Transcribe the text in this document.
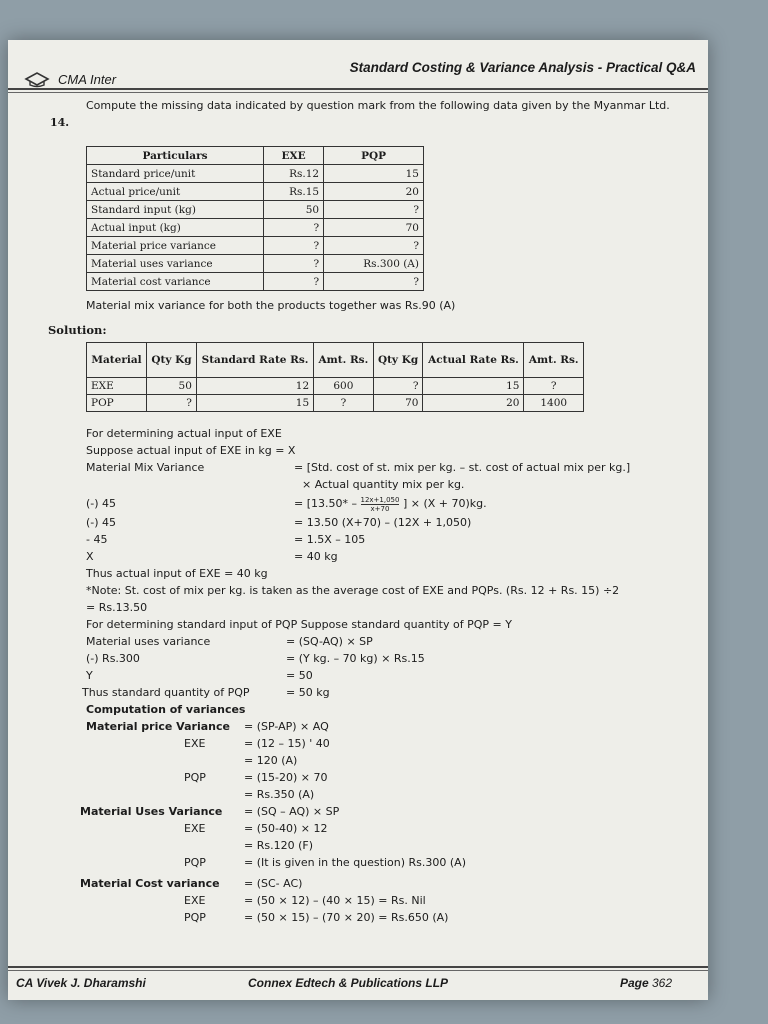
CMA Inter
Standard Costing & Variance Analysis - Practical Q&A
14.
Compute the missing data indicated by question mark from the following data given by the Myanmar Ltd.
Particulars	EXE	PQP
Standard price/unit	Rs.12	15
Actual price/unit	Rs.15	20
Standard input (kg)	50	?
Actual input (kg)	?	70
Material price variance	?	?
Material uses variance	?	Rs.300 (A)
Material cost variance	?	?
Material mix variance for both the products together was Rs.90 (A)
Solution:
Material	Qty Kg	Standard Rate Rs.	Amt. Rs.	Qty Kg	Actual Rate Rs.	Amt. Rs.
EXE	50	12	600	?	15	?
POP	?	15	?	70	20	1400
For determining actual input of EXE
Suppose actual input of EXE in kg = X
Material Mix Variance	= [Std. cost of st. mix per kg. – st. cost of actual mix per kg.]
× Actual quantity mix per kg.
(-) 45	= [$13.50* - \frac{12x+1,050}{x+70}$ ] × (X + 70)kg.
(-) 45	= 13.50 (X+70) – (12X + 1,050)
- 45	= 1.5X – 105
X	= 40 kg
Thus actual input of EXE = 40 kg
*Note: St. cost of mix per kg. is taken as the average cost of EXE and PQPs. (Rs. 12 + Rs. 15) ÷2
= Rs.13.50
For determining standard input of PQP Suppose standard quantity of PQP = Y
Material uses variance	= (SQ-AQ) × SP
(-) Rs.300	= (Y kg. – 70 kg) × Rs.15
Y	= 50
Thus standard quantity of PQP	= 50 kg
Computation of variances
Material price Variance = (SP-AP) × AQ
EXE	= (12 – 15) ' 40
= 120 (A)
PQP	= (15-20) × 70
= Rs.350 (A)
Material Uses Variance = (SQ – AQ) × SP
EXE	= (50-40) × 12
= Rs.120 (F)
PQP	= (It is given in the question) Rs.300 (A)
Material Cost variance = (SC- AC)
EXE	= (50 × 12) – (40 × 15) = Rs. Nil
PQP	= (50 × 15) – (70 × 20) = Rs.650 (A)
CA Vivek J. Dharamshi	Connex Edtech & Publications LLP	Page 362
